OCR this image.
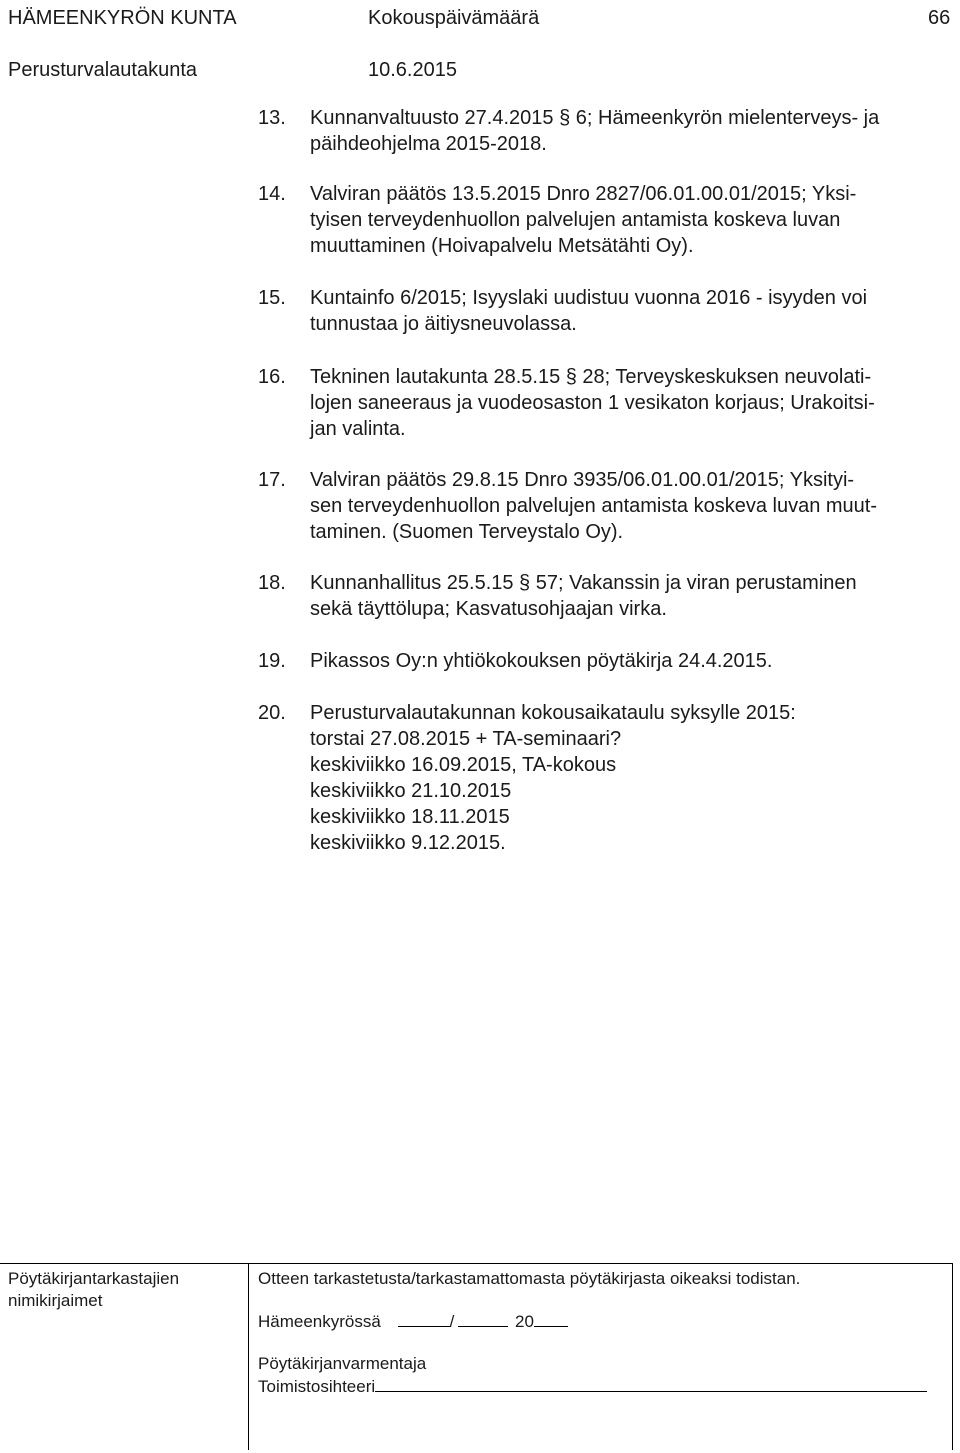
HÄMEENKYRÖN KUNTA	Kokouspäivämäärä	66
Perusturvalautakunta	10.6.2015
13. Kunnanvaltuusto 27.4.2015 § 6; Hämeenkyrön mielenterveys- ja
päihdeohjelma 2015-2018.
14. Valviran päätös 13.5.2015 Dnro 2827/06.01.00.01/2015; Yksi-
tyisen terveydenhuollon palvelujen antamista koskeva luvan
muuttaminen (Hoivapalvelu Metsätähti Oy).
15. Kuntainfo 6/2015; Isyyslaki uudistuu vuonna 2016 - isyyden voi
tunnustaa jo äitiysneuvolassa.
16. Tekninen lautakunta 28.5.15 § 28; Terveyskeskuksen neuvolati-
lojen saneeraus ja vuodeosaston 1 vesikaton korjaus; Urakoitsi-
jan valinta.
17. Valviran päätös 29.8.15 Dnro 3935/06.01.00.01/2015; Yksityi-
sen terveydenhuollon palvelujen antamista koskeva luvan muut-
taminen. (Suomen Terveystalo Oy).
18. Kunnanhallitus 25.5.15 § 57; Vakanssin ja viran perustaminen
sekä täyttölupa; Kasvatusohjaajan virka.
19. Pikassos Oy:n yhtiökokouksen pöytäkirja 24.4.2015.
20. Perusturvalautakunnan kokousaikataulu syksylle 2015:
torstai 27.08.2015 + TA-seminaari?
keskiviikko 16.09.2015, TA-kokous
keskiviikko 21.10.2015
keskiviikko 18.11.2015
keskiviikko 9.12.2015.
Pöytäkirjantarkastajien
nimikirjaimet
Otteen tarkastetusta/tarkastamattomasta pöytäkirjasta oikeaksi todistan.
Hämeenkyrössä	/	20
Pöytäkirjanvarmentaja
Toimistosihteeri
